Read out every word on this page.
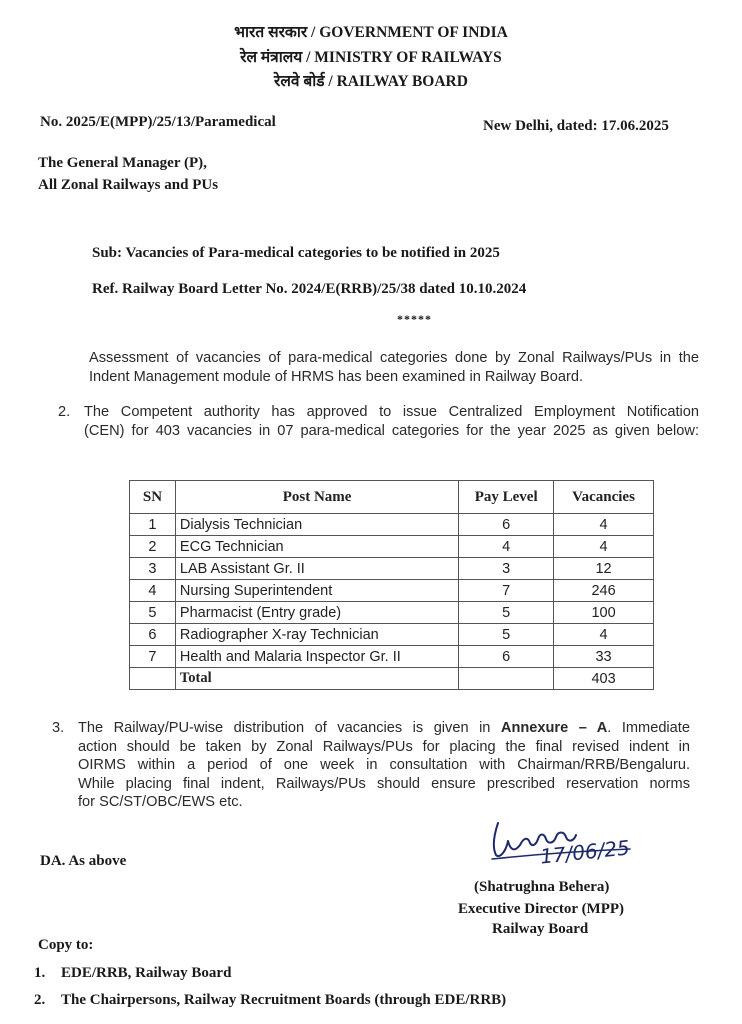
भारत सरकार / GOVERNMENT OF INDIA
रेल मंत्रालय / MINISTRY OF RAILWAYS
रेलवे बोर्ड / RAILWAY BOARD
No. 2025/E(MPP)/25/13/Paramedical	New Delhi, dated: 17.06.2025
The General Manager (P),
All Zonal Railways and PUs
Sub: Vacancies of Para-medical categories to be notified in 2025
Ref. Railway Board Letter No. 2024/E(RRB)/25/38 dated 10.10.2024
*****
Assessment of vacancies of para-medical categories done by Zonal Railways/PUs in the
Indent Management module of HRMS has been examined in Railway Board.
2. The Competent authority has approved to issue Centralized Employment Notification
(CEN) for 403 vacancies in 07 para-medical categories for the year 2025 as given below:
SN	Post Name	Pay Level	Vacancies
1	Dialysis Technician	6	4
2	ECG Technician	4	4
3	LAB Assistant Gr. II	3	12
4	Nursing Superintendent	7	246
5	Pharmacist (Entry grade)	5	100
6	Radiographer X-ray Technician	5	4
7	Health and Malaria Inspector Gr. II	6	33
	Total		403
3. The Railway/PU-wise distribution of vacancies is given in Annexure – A. Immediate
action should be taken by Zonal Railways/PUs for placing the final revised indent in
OIRMS within a period of one week in consultation with Chairman/RRB/Bengaluru.
While placing final indent, Railways/PUs should ensure prescribed reservation norms
for SC/ST/OBC/EWS etc.
DA. As above	17/06/25
(Shatrughna Behera)
Executive Director (MPP)
Railway Board
Copy to:
1. EDE/RRB, Railway Board
2. The Chairpersons, Railway Recruitment Boards (through EDE/RRB)
